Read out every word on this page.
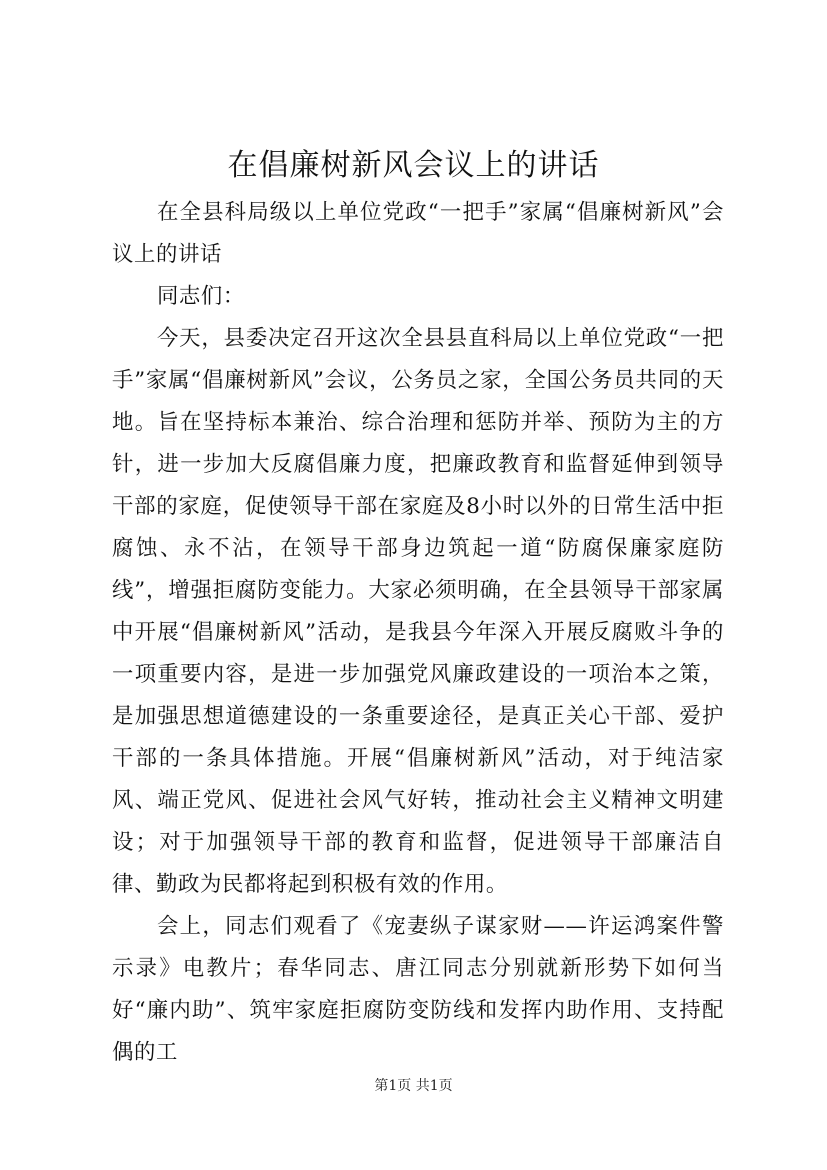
在倡廉树新风会议上的讲话

在全县科局级以上单位党政“一把手”家属“倡廉树新风”会议上的讲话

同志们：

今天，县委决定召开这次全县县直科局以上单位党政“一把手”家属“倡廉树新风”会议，公务员之家，全国公务员共同的天地。旨在坚持标本兼治、综合治理和惩防并举、预防为主的方针，进一步加大反腐倡廉力度，把廉政教育和监督延伸到领导干部的家庭，促使领导干部在家庭及8小时以外的日常生活中拒腐蚀、永不沾，在领导干部身边筑起一道“防腐保廉家庭防线”，增强拒腐防变能力。大家必须明确，在全县领导干部家属中开展“倡廉树新风”活动，是我县今年深入开展反腐败斗争的一项重要内容，是进一步加强党风廉政建设的一项治本之策，是加强思想道德建设的一条重要途径，是真正关心干部、爱护干部的一条具体措施。开展“倡廉树新风”活动，对于纯洁家风、端正党风、促进社会风气好转，推动社会主义精神文明建设；对于加强领导干部的教育和监督，促进领导干部廉洁自律、勤政为民都将起到积极有效的作用。

会上，同志们观看了《宠妻纵子谋家财——许运鸿案件警示录》电教片；春华同志、唐江同志分别就新形势下如何当好“廉内助”、筑牢家庭拒腐防变防线和发挥内助作用、支持配偶的工

第1页 共1页
